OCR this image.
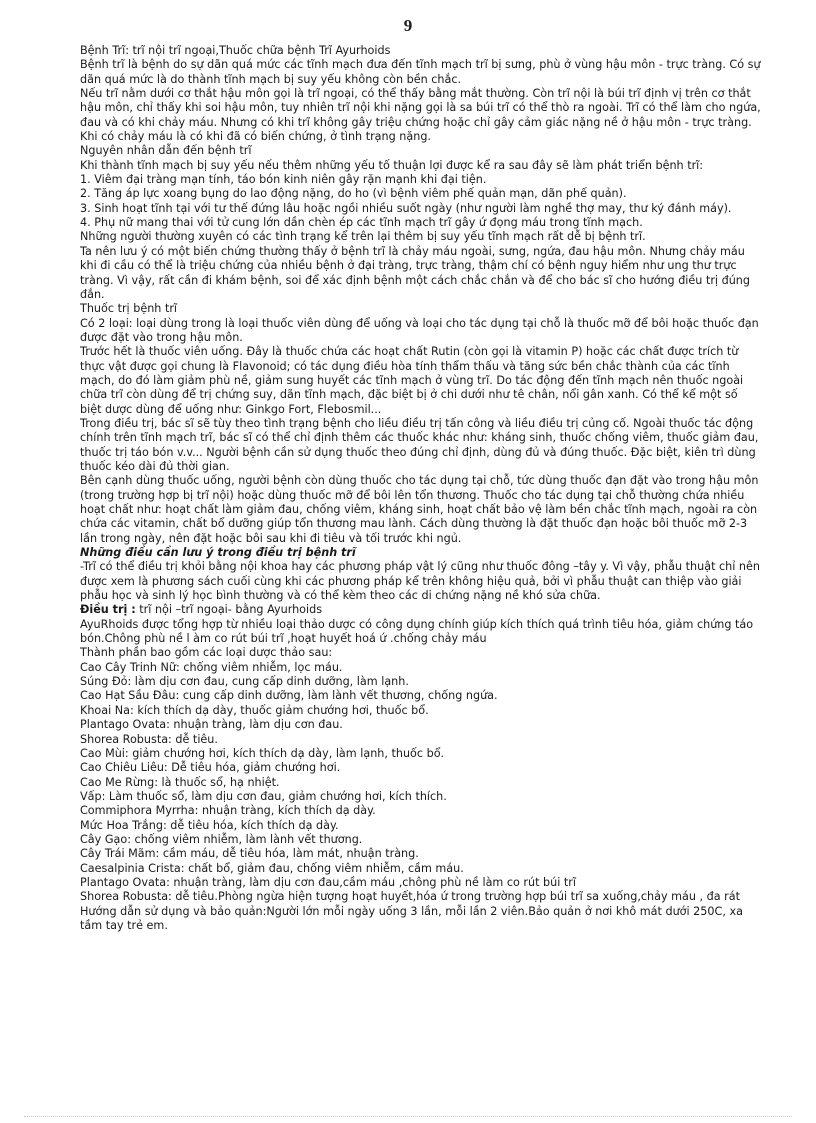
9

Bệnh Trĩ: trĩ nội trĩ ngoại,Thuốc chữa bệnh Trĩ Ayurhoids

Bệnh trĩ là bệnh do sự dãn quá mức các tĩnh mạch đưa đến tĩnh mạch trĩ bị sưng, phù ở vùng hậu môn - trực tràng. Có sự dãn quá mức là do thành tĩnh mạch bị suy yếu không còn bền chắc.

Nếu trĩ nằm dưới cơ thắt hậu môn gọi là trĩ ngoại, có thể thấy bằng mắt thường. Còn trĩ nội là búi trĩ định vị trên cơ thắt hậu môn, chỉ thấy khi soi hậu môn, tuy nhiên trĩ nội khi nặng gọi là sa búi trĩ có thể thò ra ngoài. Trĩ có thể làm cho ngứa, đau và có khi chảy máu. Nhưng có khi trĩ không gây triệu chứng hoặc chỉ gây cảm giác nặng nề ở hậu môn - trực tràng. Khi có chảy máu là có khi đã có biến chứng, ở tình trạng nặng.

Nguyên nhân dẫn đến bệnh trĩ

Khi thành tĩnh mạch bị suy yếu nếu thêm những yếu tố thuận lợi được kể ra sau đây sẽ làm phát triển bệnh trĩ:

1. Viêm đại tràng mạn tính, táo bón kinh niên gây rặn mạnh khi đại tiện.

2. Tăng áp lực xoang bụng do lao động nặng, do ho (vì bệnh viêm phế quản mạn, dãn phế quản).

3. Sinh hoạt tĩnh tại với tư thế đứng lâu hoặc ngồi nhiều suốt ngày (như người làm nghề thợ may, thư ký đánh máy).

4. Phụ nữ mang thai với tử cung lớn dần chèn ép các tĩnh mạch trĩ gây ứ đọng máu trong tĩnh mạch.

Những người thường xuyên có các tình trạng kể trên lại thêm bị suy yếu tĩnh mạch rất dễ bị bệnh trĩ.

Ta nên lưu ý có một biến chứng thường thấy ở bệnh trĩ là chảy máu ngoài, sưng, ngứa, đau hậu môn. Nhưng chảy máu khi đi cầu có thể là triệu chứng của nhiều bệnh ở đại tràng, trực tràng, thậm chí có bệnh nguy hiểm như ung thư trực tràng. Vì vậy, rất cần đi khám bệnh, soi để xác định bệnh một cách chắc chắn và để cho bác sĩ cho hướng điều trị đúng đắn.

Thuốc trị bệnh trĩ

Có 2 loại: loại dùng trong là loại thuốc viên dùng để uống và loại cho tác dụng tại chỗ là thuốc mỡ để bôi hoặc thuốc đạn được đặt vào trong hậu môn.

Trước hết là thuốc viên uống. Đây là thuốc chứa các hoạt chất Rutin (còn gọi là vitamin P) hoặc các chất được trích từ thực vật được gọi chung là Flavonoid; có tác dụng điều hòa tính thẩm thấu và tăng sức bền chắc thành của các tĩnh mạch, do đó làm giảm phù nề, giảm sung huyết các tĩnh mạch ở vùng trĩ. Do tác động đến tĩnh mạch nên thuốc ngoài chữa trĩ còn dùng để trị chứng suy, dãn tĩnh mạch, đặc biệt bị ở chi dưới như tê chân, nổi gân xanh. Có thể kể một số biệt dược dùng để uống như: Ginkgo Fort, Flebosmil...

Trong điều trị, bác sĩ sẽ tùy theo tình trạng bệnh cho liều điều trị tấn công và liều điều trị củng cố. Ngoài thuốc tác động chính trên tĩnh mạch trĩ, bác sĩ có thể chỉ định thêm các thuốc khác như: kháng sinh, thuốc chống viêm, thuốc giảm đau, thuốc trị táo bón v.v... Người bệnh cần sử dụng thuốc theo đúng chỉ định, dùng đủ và đúng thuốc. Đặc biệt, kiên trì dùng thuốc kéo dài đủ thời gian.

Bên cạnh dùng thuốc uống, người bệnh còn dùng thuốc cho tác dụng tại chỗ, tức dùng thuốc đạn đặt vào trong hậu môn (trong trường hợp bị trĩ nội) hoặc dùng thuốc mỡ để bôi lên tổn thương. Thuốc cho tác dụng tại chỗ thường chứa nhiều hoạt chất như: hoạt chất làm giảm đau, chống viêm, kháng sinh, hoạt chất bảo vệ làm bền chắc tĩnh mạch, ngoài ra còn chứa các vitamin, chất bổ dưỡng giúp tổn thương mau lành. Cách dùng thường là đặt thuốc đạn hoặc bôi thuốc mỡ 2-3 lần trong ngày, nên đặt hoặc bôi sau khi đi tiêu và tối trước khi ngủ.

Những điều cần lưu ý trong điều trị bệnh trĩ

-Trĩ có thể điều trị khỏi bằng nội khoa hay các phương pháp vật lý cũng như thuốc đông –tây y. Vì vậy, phẫu thuật chỉ nên được xem là phương sách cuối cùng khi các phương pháp kể trên không hiệu quả, bởi vì phẫu thuật can thiệp vào giải phẫu học và sinh lý học bình thường và có thể kèm theo các di chứng nặng nề khó sửa chữa.

Điều trị : trĩ nội –trĩ ngoại- bằng Ayurhoids

AyuRhoids được tổng hợp từ nhiều loại thảo dược có công dụng chính giúp kích thích quá trình tiêu hóa, giảm chứng táo bón.Chông phù nề l àm co rút búi trĩ ,hoạt huyết hoá ứ .chống chảy máu

Thành phần bao gồm các loại dược thảo sau:

Cao Cây Trinh Nữ: chống viêm nhiễm, lọc máu.

Súng Đỏ: làm dịu cơn đau, cung cấp dinh dưỡng, làm lạnh.

Cao Hạt Sầu Đâu: cung cấp dinh dưỡng, làm lành vết thương, chống ngứa.

Khoai Na: kích thích dạ dày, thuốc giảm chướng hơi, thuốc bổ.

Plantago Ovata: nhuận tràng, làm dịu cơn đau.

Shorea Robusta: dễ tiêu.

Cao Mùi: giảm chướng hơi, kích thích dạ dày, làm lạnh, thuốc bổ.

Cao Chiêu Liêu: Dễ tiêu hóa, giảm chướng hơi.

Cao Me Rừng: là thuốc sổ, hạ nhiệt.

Vấp: Làm thuốc sổ, làm dịu cơn đau, giảm chướng hơi, kích thích.

Commiphora Myrrha: nhuận tràng, kích thích dạ dày.

Mức Hoa Trắng: dễ tiêu hóa, kích thích dạ dày.

Cây Gạo: chống viêm nhiễm, làm lành vết thương.

Cây Trái Mãm: cầm máu, dễ tiêu hóa, làm mát, nhuận tràng.

Caesalpinia Crista: chất bổ, giảm đau, chống viêm nhiễm, cầm máu.

Plantago Ovata: nhuận tràng, làm dịu cơn đau,cầm máu ,chông phù nề làm co rút búi trĩ

Shorea Robusta: dễ tiêu.Phòng ngừa hiện tượng hoạt huyết,hóa ứ trong trường hợp búi trĩ sa xuống,chảy máu , đa rát

Hướng dẫn sử dụng và bảo quản:Người lớn mỗi ngày uống 3 lần, mỗi lần 2 viên.Bảo quản ở nơi khô mát dưới 250C, xa tầm tay trẻ em.
